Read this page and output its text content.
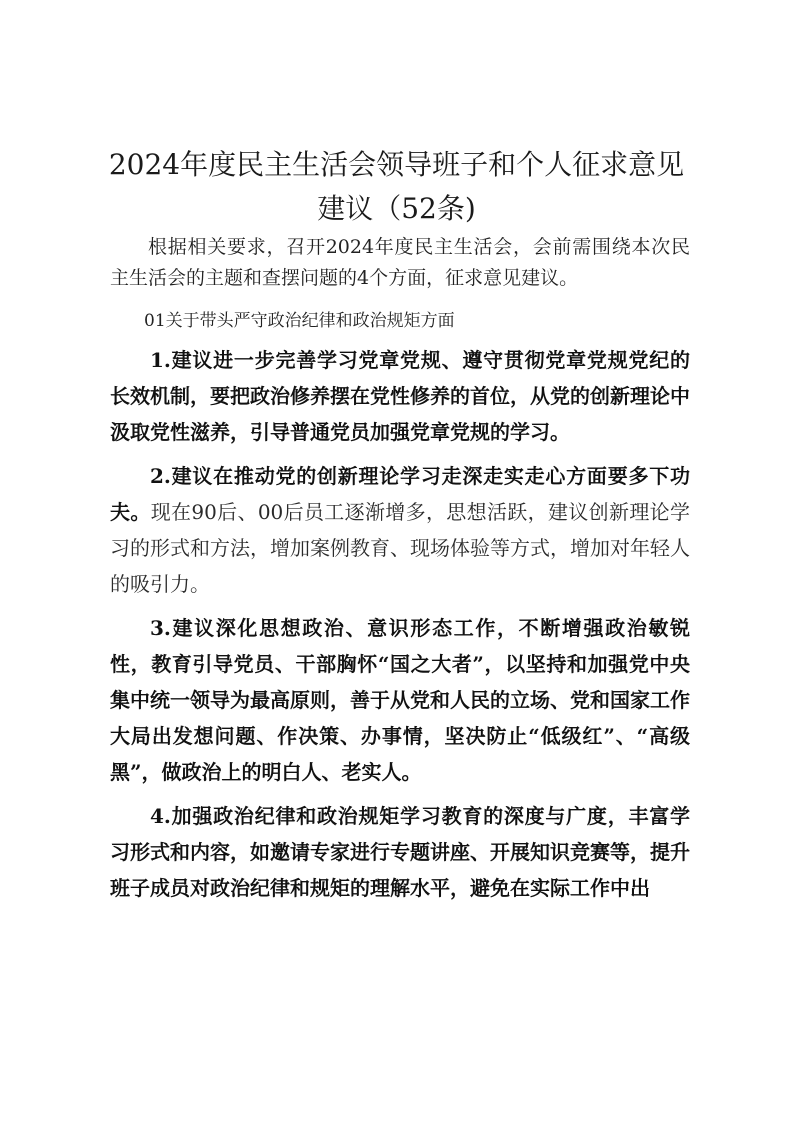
2024年度民主生活会领导班子和个人征求意见建议（52条)

根据相关要求，召开2024年度民主生活会，会前需围绕本次民主生活会的主题和查摆问题的4个方面，征求意见建议。

01关于带头严守政治纪律和政治规矩方面

1.建议进一步完善学习党章党规、遵守贯彻党章党规党纪的长效机制，要把政治修养摆在党性修养的首位，从党的创新理论中汲取党性滋养，引导普通党员加强党章党规的学习。

2.建议在推动党的创新理论学习走深走实走心方面要多下功夫。现在90后、00后员工逐渐增多，思想活跃，建议创新理论学习的形式和方法，增加案例教育、现场体验等方式，增加对年轻人的吸引力。

3.建议深化思想政治、意识形态工作，不断增强政治敏锐性，教育引导党员、干部胸怀“国之大者”，以坚持和加强党中央集中统一领导为最高原则，善于从党和人民的立场、党和国家工作大局出发想问题、作决策、办事情，坚决防止“低级红”、“高级黑”，做政治上的明白人、老实人。

4.加强政治纪律和政治规矩学习教育的深度与广度，丰富学习形式和内容，如邀请专家进行专题讲座、开展知识竞赛等，提升班子成员对政治纪律和规矩的理解水平，避免在实际工作中出
